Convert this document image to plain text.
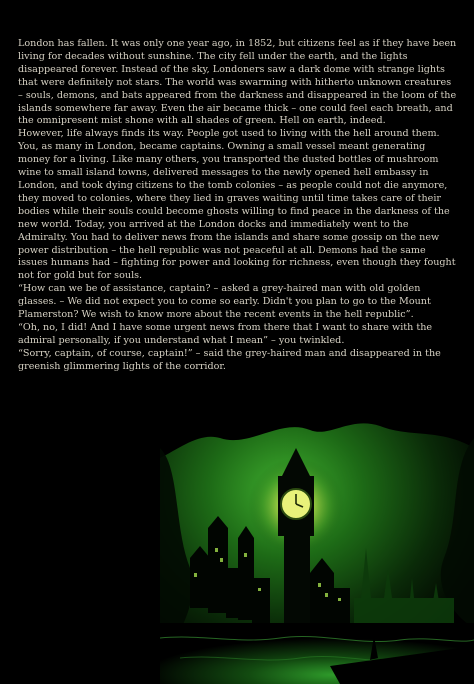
London has fallen. It was only one year ago, in 1852, but citizens feel as if they have been living for decades without sunshine. The city fell under the earth, and the lights disappeared forever. Instead of the sky, Londoners saw a dark dome with strange lights that were definitely not stars. The world was swarming with hitherto unknown creatures – souls, demons, and bats appeared from the darkness and disappeared in the loom of the islands somewhere far away. Even the air became thick – one could feel each breath, and the omnipresent mist shone with all shades of green. Hell on earth, indeed.

However, life always finds its way. People got used to living with the hell around them. You, as many in London, became captains. Owning a small vessel meant generating money for a living. Like many others, you transported the dusted bottles of mushroom wine to small island towns, delivered messages to the newly opened hell embassy in London, and took dying citizens to the tomb colonies – as people could not die anymore, they moved to colonies, where they lied in graves waiting until time takes care of their bodies while their souls could become ghosts willing to find peace in the darkness of the new world. Today, you arrived at the London docks and immediately went to the Admiralty. You had to deliver news from the islands and share some gossip on the new power distribution – the hell republic was not peaceful at all. Demons had the same issues humans had – fighting for power and looking for richness, even though they fought not for gold but for souls.

“How can we be of assistance, captain? – asked a grey-haired man with old golden glasses. – We did not expect you to come so early. Didn't you plan to go to the Mount Plamerston? We wish to know more about the recent events in the hell republic”.

“Oh, no, I did! And I have some urgent news from there that I want to share with the admiral personally, if you understand what I mean” – you twinkled.

“Sorry, captain, of course, captain!” – said the grey-haired man and disappeared in the greenish glimmering lights of the corridor.
